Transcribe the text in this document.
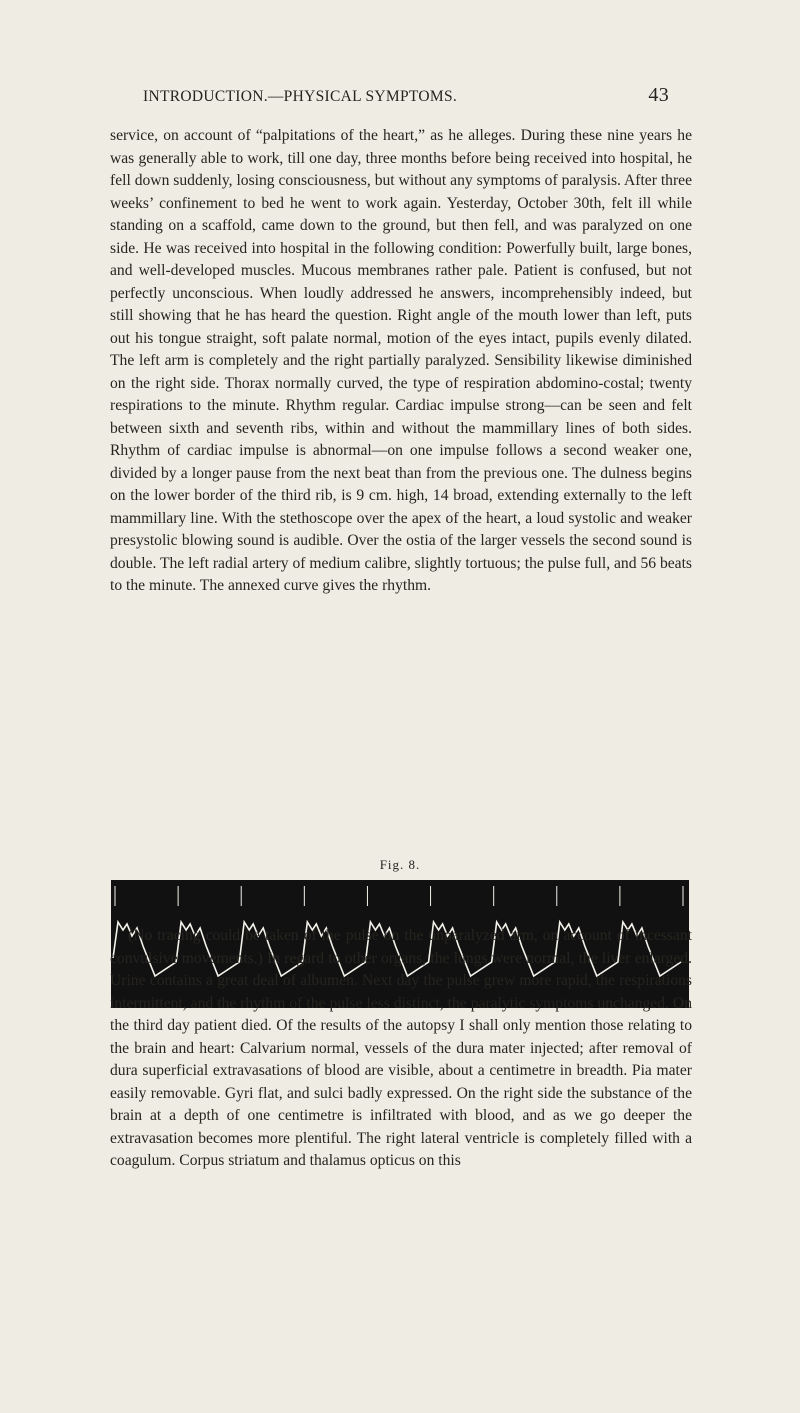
INTRODUCTION.—PHYSICAL SYMPTOMS.	43

service, on account of “palpitations of the heart,” as he alleges. During these nine years he was generally able to work, till one day, three months before being received into hospital, he fell down suddenly, losing consciousness, but without any symptoms of paralysis. After three weeks’ confinement to bed he went to work again. Yesterday, October 30th, felt ill while standing on a scaffold, came down to the ground, but then fell, and was paralyzed on one side. He was received into hospital in the following condition: Powerfully built, large bones, and well-developed muscles. Mucous membranes rather pale. Patient is confused, but not perfectly unconscious. When loudly addressed he answers, incomprehensibly indeed, but still showing that he has heard the question. Right angle of the mouth lower than left, puts out his tongue straight, soft palate normal, motion of the eyes intact, pupils evenly dilated. The left arm is completely and the right partially paralyzed. Sensibility likewise diminished on the right side. Thorax normally curved, the type of respiration abdomino-costal; twenty respirations to the minute. Rhythm regular. Cardiac impulse strong—can be seen and felt between sixth and seventh ribs, within and without the mammillary lines of both sides. Rhythm of cardiac impulse is abnormal—on one impulse follows a second weaker one, divided by a longer pause from the next beat than from the previous one. The dulness begins on the lower border of the third rib, is 9 cm. high, 14 broad, extending externally to the left mammillary line. With the stethoscope over the apex of the heart, a loud systolic and weaker presystolic blowing sound is audible. Over the ostia of the larger vessels the second sound is double. The left radial artery of medium calibre, slightly tortuous; the pulse full, and 56 beats to the minute. The annexed curve gives the rhythm.

Fig. 8.

(No tracing could be taken of the pulse on the unparalyzed arm, on account of incessant convulsive movements.) In regard to other organs, the lungs were normal, the liver enlarged. Urine contains a great deal of albumen. Next day the pulse grew more rapid, the respirations intermittent, and the rhythm of the pulse less distinct, the paralytic symptoms unchanged. On the third day patient died. Of the results of the autopsy I shall only mention those relating to the brain and heart: Calvarium normal, vessels of the dura mater injected; after removal of dura superficial extravasations of blood are visible, about a centimetre in breadth. Pia mater easily removable. Gyri flat, and sulci badly expressed. On the right side the substance of the brain at a depth of one centimetre is infiltrated with blood, and as we go deeper the extravasation becomes more plentiful. The right lateral ventricle is completely filled with a coagulum. Corpus striatum and thalamus opticus on this
